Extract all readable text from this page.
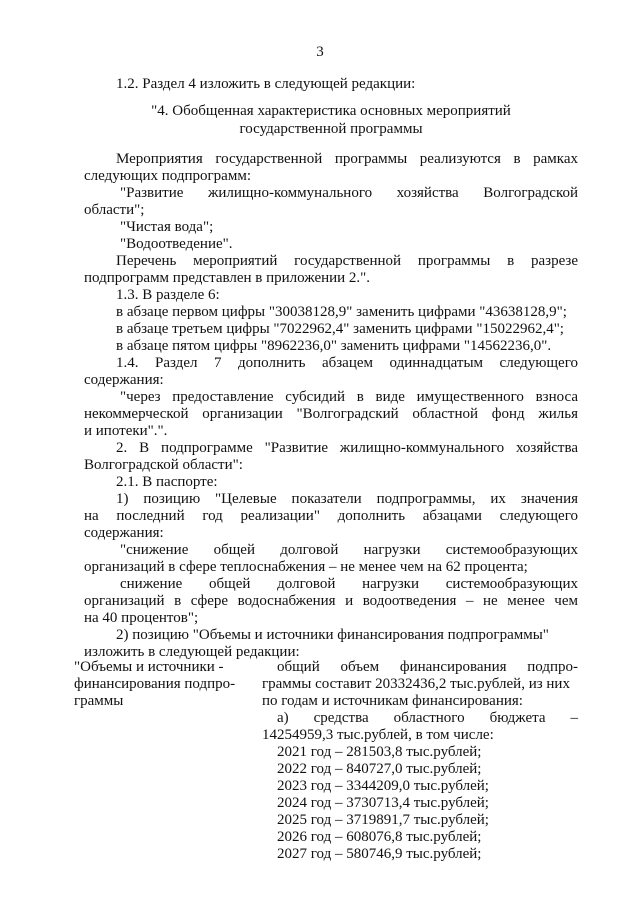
3
1.2. Раздел 4 изложить в следующей редакции:
"4. Обобщенная характеристика основных мероприятий
государственной программы
Мероприятия государственной программы реализуются в рамках
следующих подпрограмм:
"Развитие жилищно-коммунального хозяйства Волгоградской
области";
"Чистая вода";
"Водоотведение".
Перечень мероприятий государственной программы в разрезе
подпрограмм представлен в приложении 2.".
1.3. В разделе 6:
в абзаце первом цифры "30038128,9" заменить цифрами "43638128,9";
в абзаце третьем цифры "7022962,4" заменить цифрами "15022962,4";
в абзаце пятом цифры "8962236,0" заменить цифрами "14562236,0".
1.4. Раздел 7 дополнить абзацем одиннадцатым следующего
содержания:
"через предоставление субсидий в виде имущественного взноса
некоммерческой организации "Волгоградский областной фонд жилья
и ипотеки".".
2. В подпрограмме "Развитие жилищно-коммунального хозяйства
Волгоградской области":
2.1. В паспорте:
1) позицию "Целевые показатели подпрограммы, их значения
на последний год реализации" дополнить абзацами следующего
содержания:
"снижение общей долговой нагрузки системообразующих
организаций в сфере теплоснабжения – не менее чем на 62 процента;
снижение общей долговой нагрузки системообразующих
организаций в сфере водоснабжения и водоотведения – не менее чем
на 40 процентов";
2) позицию "Объемы и источники финансирования подпрограммы"
изложить в следующей редакции:
"Объемы и источники -
финансирования подпро-
граммы
общий объем финансирования подпро-
граммы составит 20332436,2 тыс.рублей, из них
по годам и источникам финансирования:
а) средства областного бюджета –
14254959,3 тыс.рублей, в том числе:
2021 год – 281503,8 тыс.рублей;
2022 год – 840727,0 тыс.рублей;
2023 год – 3344209,0 тыс.рублей;
2024 год – 3730713,4 тыс.рублей;
2025 год – 3719891,7 тыс.рублей;
2026 год – 608076,8 тыс.рублей;
2027 год – 580746,9 тыс.рублей;
